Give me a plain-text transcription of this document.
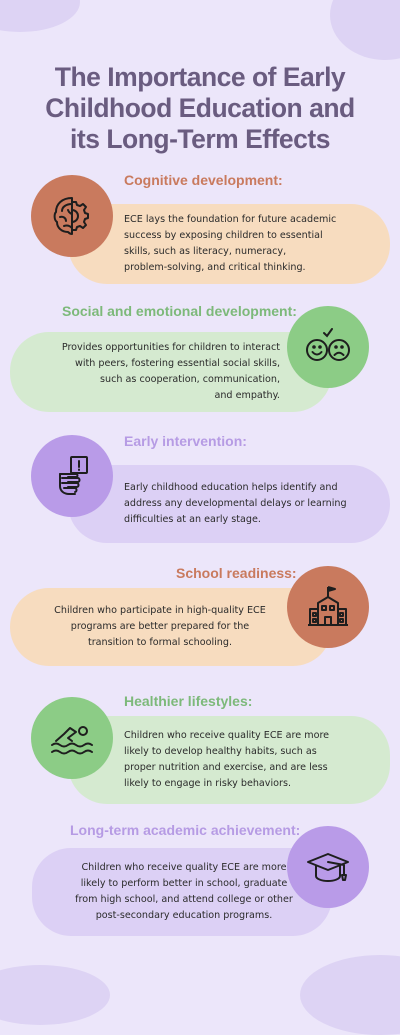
The Importance of Early
Childhood Education and
its Long-Term Effects
Cognitive development:
ECE lays the foundation for future academic
success by exposing children to essential
skills, such as literacy, numeracy,
problem-solving, and critical thinking.
Social and emotional development:
Provides opportunities for children to interact
with peers, fostering essential social skills,
such as cooperation, communication,
and empathy.
Early intervention:
Early childhood education helps identify and
address any developmental delays or learning
difficulties at an early stage.
School readiness:
Children who participate in high-quality ECE
programs are better prepared for the
transition to formal schooling.
Healthier lifestyles:
Children who receive quality ECE are more
likely to develop healthy habits, such as
proper nutrition and exercise, and are less
likely to engage in risky behaviors.
Long-term academic achievement:
Children who receive quality ECE are more
likely to perform better in school, graduate
from high school, and attend college or other
post-secondary education programs.
